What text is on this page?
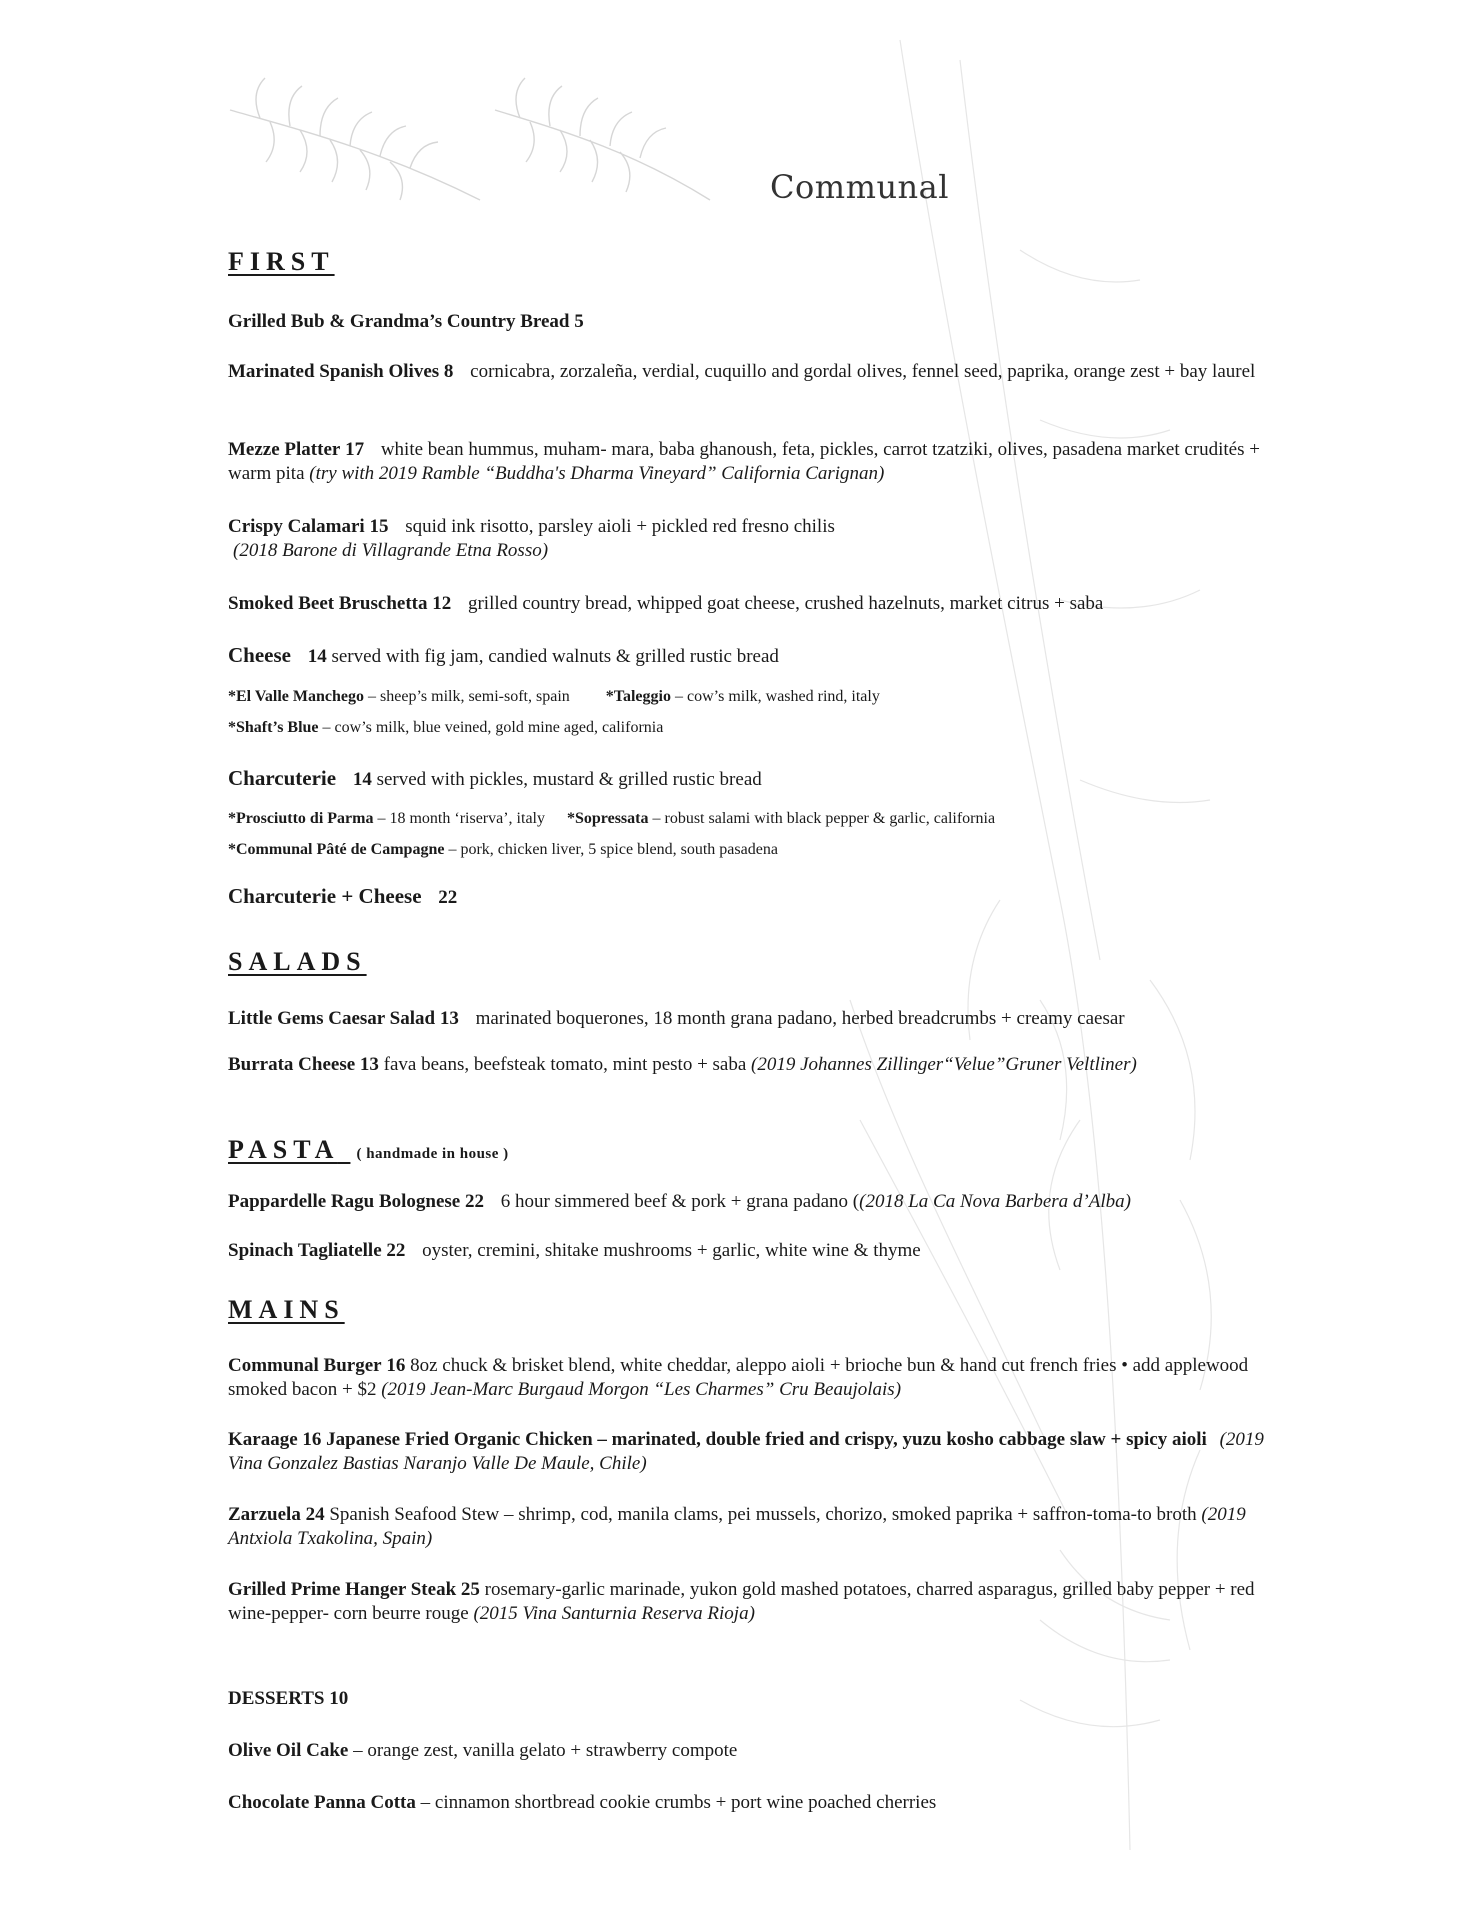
Communal
FIRST
Grilled Bub & Grandma’s Country Bread 5
Marinated Spanish Olives 8 cornicabra, zorzaleña, verdial, cuquillo and gordal olives, fennel seed, paprika, orange zest + bay laurel
Mezze Platter 17 white bean hummus, muham- mara, baba ghanoush, feta, pickles, carrot tzatziki, olives, pasadena market crudités + warm pita (try with 2019 Ramble “Buddha's Dharma Vineyard” California Carignan)
Crispy Calamari 15 squid ink risotto, parsley aioli + pickled red fresno chilis
(2018 Barone di Villagrande Etna Rosso)
Smoked Beet Bruschetta 12 grilled country bread, whipped goat cheese, crushed hazelnuts, market citrus + saba
Cheese 14 served with fig jam, candied walnuts & grilled rustic bread
*El Valle Manchego – sheep’s milk, semi-soft, spain *Taleggio – cow’s milk, washed rind, italy
*Shaft’s Blue – cow’s milk, blue veined, gold mine aged, california
Charcuterie 14 served with pickles, mustard & grilled rustic bread
*Prosciutto di Parma – 18 month ‘riserva’, italy *Sopressata – robust salami with black pepper & garlic, california
*Communal Pâté de Campagne – pork, chicken liver, 5 spice blend, south pasadena
Charcuterie + Cheese 22
SALADS
Little Gems Caesar Salad 13 marinated boquerones, 18 month grana padano, herbed breadcrumbs + creamy caesar
Burrata Cheese 13 fava beans, beefsteak tomato, mint pesto + saba (2019 Johannes Zillinger“Velue”Gruner Veltliner)
PASTA ( handmade in house )
Pappardelle Ragu Bolognese 22 6 hour simmered beef & pork + grana padano ((2018 La Ca Nova Barbera d’Alba)
Spinach Tagliatelle 22 oyster, cremini, shitake mushrooms + garlic, white wine & thyme
MAINS
Communal Burger 16 8oz chuck & brisket blend, white cheddar, aleppo aioli + brioche bun & hand cut french fries • add applewood smoked bacon + $2 (2019 Jean-Marc Burgaud Morgon “Les Charmes” Cru Beaujolais)
Karaage 16 Japanese Fried Organic Chicken – marinated, double fried and crispy, yuzu kosho cabbage slaw + spicy aioli (2019 Vina Gonzalez Bastias Naranjo Valle De Maule, Chile)
Zarzuela 24 Spanish Seafood Stew – shrimp, cod, manila clams, pei mussels, chorizo, smoked paprika + saffron-toma-to broth (2019 Antxiola Txakolina, Spain)
Grilled Prime Hanger Steak 25 rosemary-garlic marinade, yukon gold mashed potatoes, charred asparagus, grilled baby pepper + red wine-pepper- corn beurre rouge (2015 Vina Santurnia Reserva Rioja)
DESSERTS 10
Olive Oil Cake – orange zest, vanilla gelato + strawberry compote
Chocolate Panna Cotta – cinnamon shortbread cookie crumbs + port wine poached cherries
